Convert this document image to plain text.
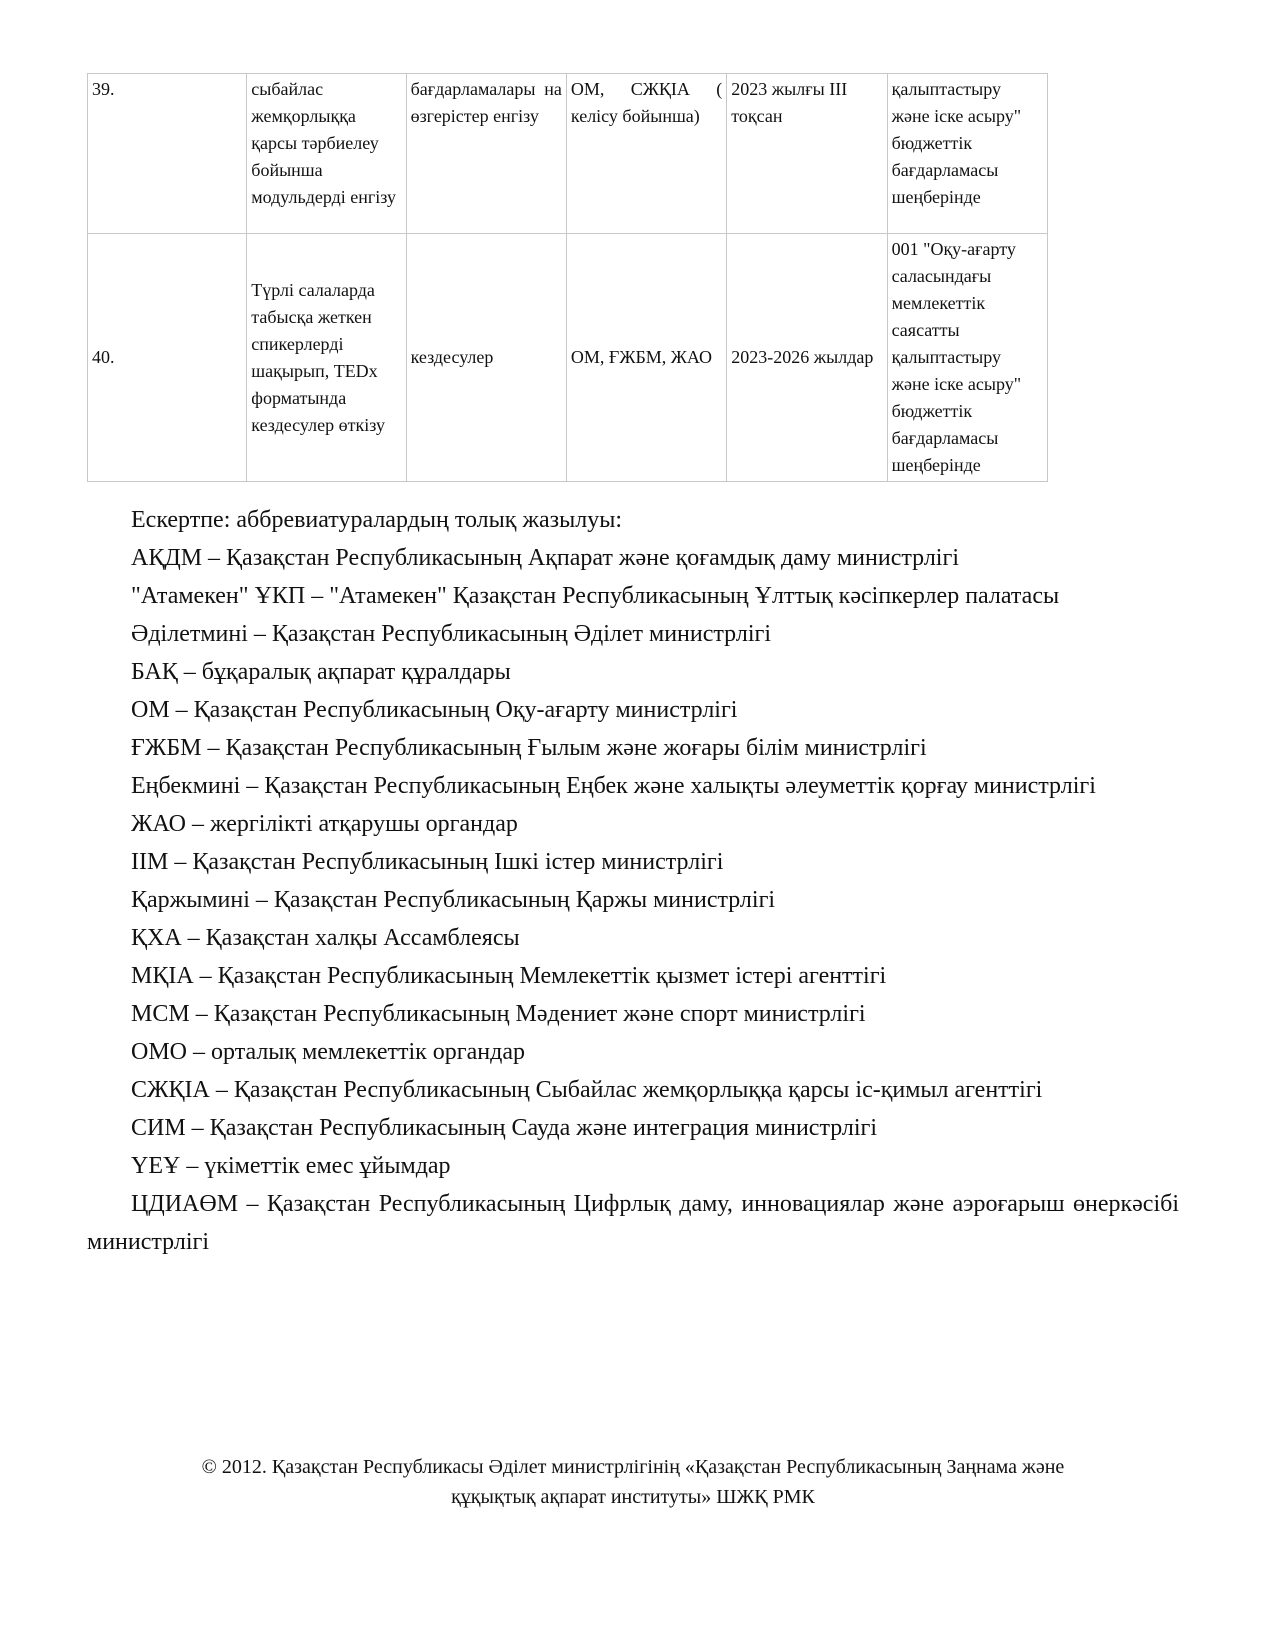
39.	сыбайлас жемқорлыққа қарсы тәрбиелеу бойынша модульдерді енгізу	бағдарламалары на өзгерістер енгізу	ОМ, СЖҚІА ( келісу бойынша)	2023 жылғы ІІІ тоқсан	қалыптастыру және іске асыру" бюджеттік бағдарламасы шеңберінде
40.	Түрлі салаларда табысқа жеткен спикерлерді шақырып, TEDx форматында кездесулер өткізу	кездесулер	ОМ, ҒЖБМ, ЖАО	2023-2026 жылдар	001 "Оқу-ағарту саласындағы мемлекеттік саясатты қалыптастыру және іске асыру" бюджеттік бағдарламасы шеңберінде

Ескертпе: аббревиатуралардың толық жазылуы:

АҚДМ – Қазақстан Республикасының Ақпарат және қоғамдық даму министрлігі

"Атамекен" ҰКП – "Атамекен" Қазақстан Республикасының Ұлттық кәсіпкерлер палатасы

Әділетмині – Қазақстан Республикасының Әділет министрлігі

БАҚ – бұқаралық ақпарат құралдары

ОМ – Қазақстан Республикасының Оқу-ағарту министрлігі

ҒЖБМ – Қазақстан Республикасының Ғылым және жоғары білім министрлігі

Еңбекмині – Қазақстан Республикасының Еңбек және халықты әлеуметтік қорғау министрлігі

ЖАО – жергілікті атқарушы органдар

ІІМ – Қазақстан Республикасының Ішкі істер министрлігі

Қаржымині – Қазақстан Республикасының Қаржы министрлігі

ҚХА – Қазақстан халқы Ассамблеясы

МҚІА – Қазақстан Республикасының Мемлекеттік қызмет істері агенттігі

МСМ – Қазақстан Республикасының Мәдениет және спорт министрлігі

ОМО – орталық мемлекеттік органдар

СЖҚІА – Қазақстан Республикасының Сыбайлас жемқорлыққа қарсы іс-қимыл агенттігі

СИМ – Қазақстан Республикасының Сауда және интеграция министрлігі

ҮЕҰ – үкіметтік емес ұйымдар

ЦДИАӨМ – Қазақстан Республикасының Цифрлық даму, инновациялар және аэроғарыш өнеркәсібі министрлігі

© 2012. Қазақстан Республикасы Әділет министрлігінің «Қазақстан Республикасының Заңнама және
құқықтық ақпарат институты» ШЖҚ РМК
